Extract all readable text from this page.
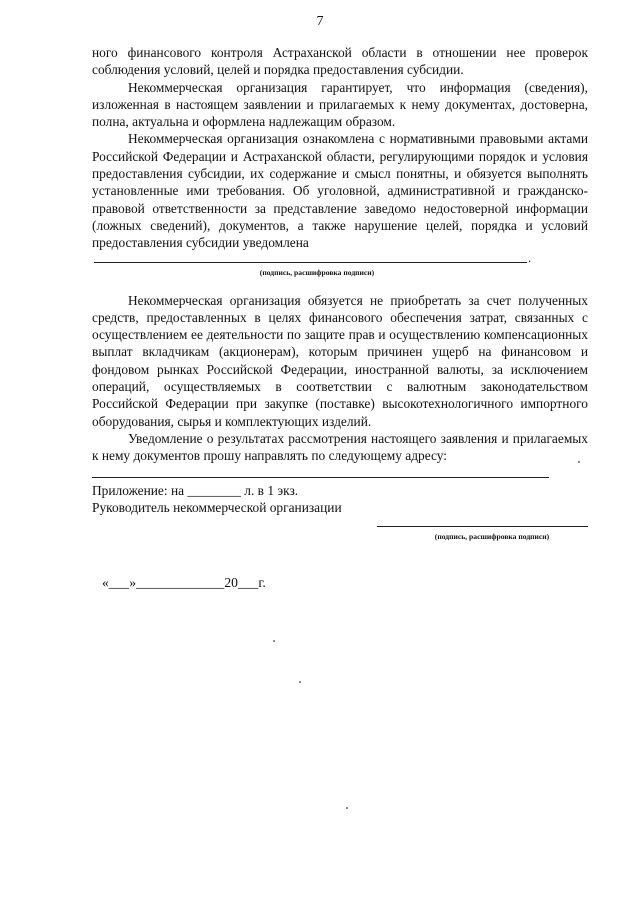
7

ного финансового контроля Астраханской области в отношении нее проверок соблюдения условий, целей и порядка предоставления субсидии.

Некоммерческая организация гарантирует, что информация (сведения), изложенная в настоящем заявлении и прилагаемых к нему документах, достоверна, полна, актуальна и оформлена надлежащим образом.

Некоммерческая организация ознакомлена с нормативными правовыми актами Российской Федерации и Астраханской области, регулирующими порядок и условия предоставления субсидии, их содержание и смысл понятны, и обязуется выполнять установленные ими требования. Об уголовной, административной и гражданско-правовой ответственности за представление заведомо недостоверной информации (ложных сведений), документов, а также нарушение целей, порядка и условий предоставления субсидии уведомлена

.
(подпись, расшифровка подписи)

Некоммерческая организация обязуется не приобретать за счет полученных средств, предоставленных в целях финансового обеспечения затрат, связанных с осуществлением ее деятельности по защите прав и осуществлению компенсационных выплат вкладчикам (акционерам), которым причинен ущерб на финансовом и фондовом рынках Российской Федерации, иностранной валюты, за исключением операций, осуществляемых в соответствии с валютным законодательством Российской Федерации при закупке (поставке) высокотехнологичного импортного оборудования, сырья и комплектующих изделий.

Уведомление о результатах рассмотрения настоящего заявления и прилагаемых к нему документов прошу направлять по следующему адресу:

Приложение: на ________ л. в 1 экз.

Руководитель некоммерческой организации

(подпись, расшифровка подписи)

«___»_____________20___г.
